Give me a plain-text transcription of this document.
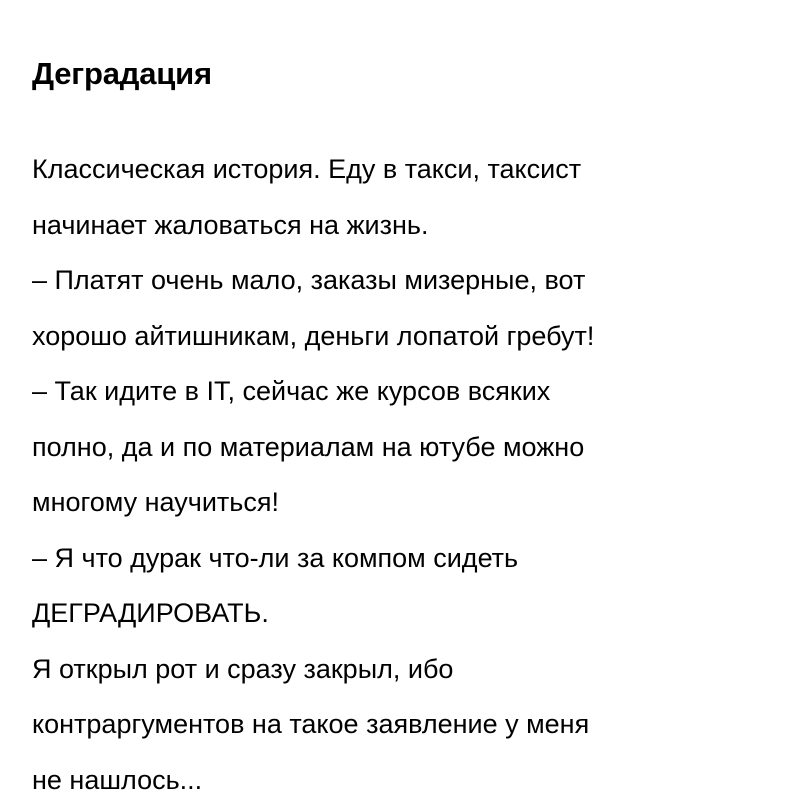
Деградация
Классическая история. Еду в такси, таксист
начинает жаловаться на жизнь.
– Платят очень мало, заказы мизерные, вот
хорошо айтишникам, деньги лопатой гребут!
– Так идите в IT, сейчас же курсов всяких
полно, да и по материалам на ютубе можно
многому научиться!
– Я что дурак что-ли за компом сидеть
ДЕГРАДИРОВАТЬ.
Я открыл рот и сразу закрыл, ибо
контраргументов на такое заявление у меня
не нашлось...
